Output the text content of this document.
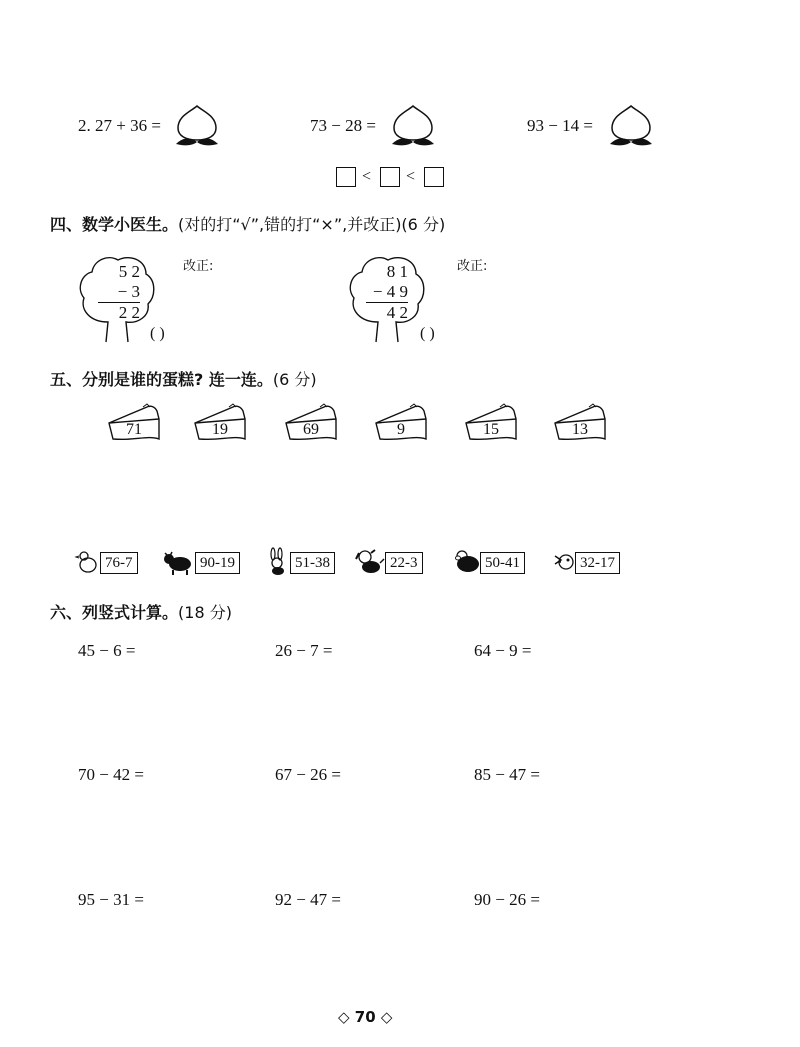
2. 27 + 36 =	73 − 28 =	93 − 14 =
< <
四、数学小医生。(对的打“√”,错的打“×”,并改正)(6 分)
5 2
− 3
2 2
( )
改正:	8 1
− 4 9
4 2
( )
改正:
五、分别是谁的蛋糕? 连一连。(6 分)
71	19	69	9	15	13
76-7	90-19	51-38	22-3	50-41	32-17
六、列竖式计算。(18 分)
45 − 6 =	26 − 7 =	64 − 9 =
70 − 42 =	67 − 26 =	85 − 47 =
95 − 31 =	92 − 47 =	90 − 26 =
◇ 70 ◇
